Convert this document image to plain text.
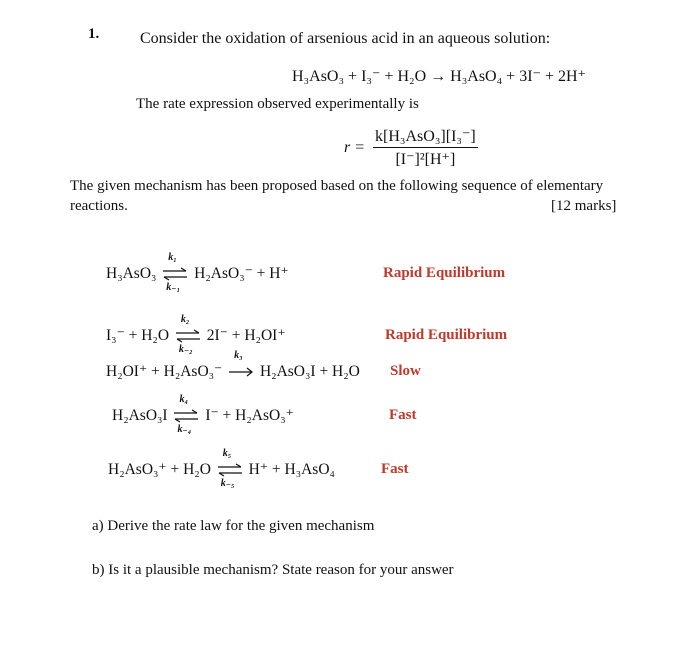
1.	Consider the oxidation of arsenious acid in an aqueous solution:
H₃AsO₃ + I₃⁻ + H₂O → H₃AsO₄ + 3I⁻ + 2H⁺
The rate expression observed experimentally is
$r = \frac{\text{k[H₃AsO₃][I₃⁻]}}{\text{[I⁻]²[H⁺]}}$
The given mechanism has been proposed based on the following sequence of elementary
reactions.	[12 marks]
H₃AsO₃
k₁
k₋₁
H₂AsO₃⁻ + H⁺	Rapid Equilibrium
I₃⁻ + H₂O
k₂
k₋₂
2I⁻ + H₂OI⁺	Rapid Equilibrium
H₂OI⁺ + H₂AsO₃⁻
k₃
H₂AsO₃I + H₂O Slow
H₂AsO₃I
k₄
k₋₄
I⁻ + H₂AsO₃⁺	Fast
H₂AsO₃⁺ + H₂O
k₅
k₋₅
H⁺ + H₃AsO₄	Fast
a) Derive the rate law for the given mechanism
b) Is it a plausible mechanism? State reason for your answer
